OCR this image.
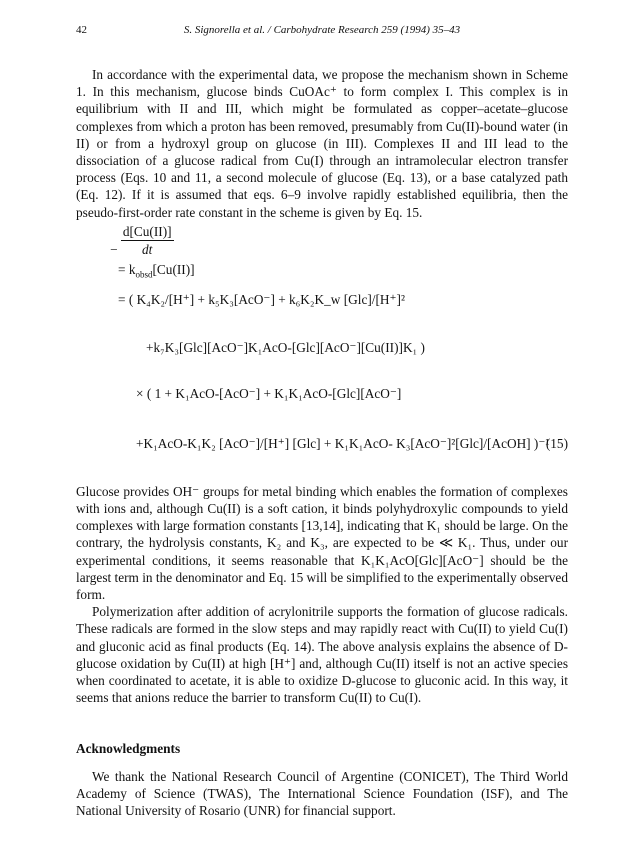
42	S. Signorella et al. / Carbohydrate Research 259 (1994) 35–43

In accordance with the experimental data, we propose the mechanism shown in Scheme 1. In this mechanism, glucose binds CuOAc⁺ to form complex I. This complex is in equilibrium with II and III, which might be formulated as copper–acetate–glucose complexes from which a proton has been removed, presumably from Cu(II)-bound water (in II) or from a hydroxyl group on glucose (in III). Complexes II and III lead to the dissociation of a glucose radical from Cu(I) through an intramolecular electron transfer process (Eqs. 10 and 11, a second molecule of glucose (Eq. 13), or a base catalyzed path (Eq. 12). If it is assumed that eqs. 6–9 involve rapidly established equilibria, then the pseudo-first-order rate constant in the scheme is given by Eq. 15.

− $\frac{d[Cu(II)]}{dt}$
= $k_{obsd}[Cu(II)]$
= ( K₄K₂/[H⁺] + k₅K₃[AcO⁻] + k₆K₂K_w [Glc]/[H⁺]²
+k₇K₃[Glc][AcO⁻]K₁AcO-[Glc][AcO⁻][Cu(II)]K₁ )
× ( 1 + K₁AcO-[AcO⁻] + K₁K₁AcO-[Glc][AcO⁻]
+K₁AcO-K₁K₂ [AcO⁻]/[H⁺] [Glc] + K₁K₁AcO- K₃[AcO⁻]²[Glc]/[AcOH] )⁻¹
(15)

Glucose provides OH⁻ groups for metal binding which enables the formation of complexes with ions and, although Cu(II) is a soft cation, it binds polyhydroxylic compounds to yield complexes with large formation constants [13,14], indicating that K₁ should be large. On the contrary, the hydrolysis constants, K₂ and K₃, are expected to be ≪ K₁. Thus, under our experimental conditions, it seems reasonable that K₁K₁AcO[Glc][AcO⁻] should be the largest term in the denominator and Eq. 15 will be simplified to the experimentally observed form.

Polymerization after addition of acrylonitrile supports the formation of glucose radicals. These radicals are formed in the slow steps and may rapidly react with Cu(II) to yield Cu(I) and gluconic acid as final products (Eq. 14). The above analysis explains the absence of D-glucose oxidation by Cu(II) at high [H⁺] and, although Cu(II) itself is not an active species when coordinated to acetate, it is able to oxidize D-glucose to gluconic acid. In this way, it seems that anions reduce the barrier to transform Cu(II) to Cu(I).

Acknowledgments

We thank the National Research Council of Argentine (CONICET), The Third World Academy of Science (TWAS), The International Science Foundation (ISF), and The National University of Rosario (UNR) for financial support.
